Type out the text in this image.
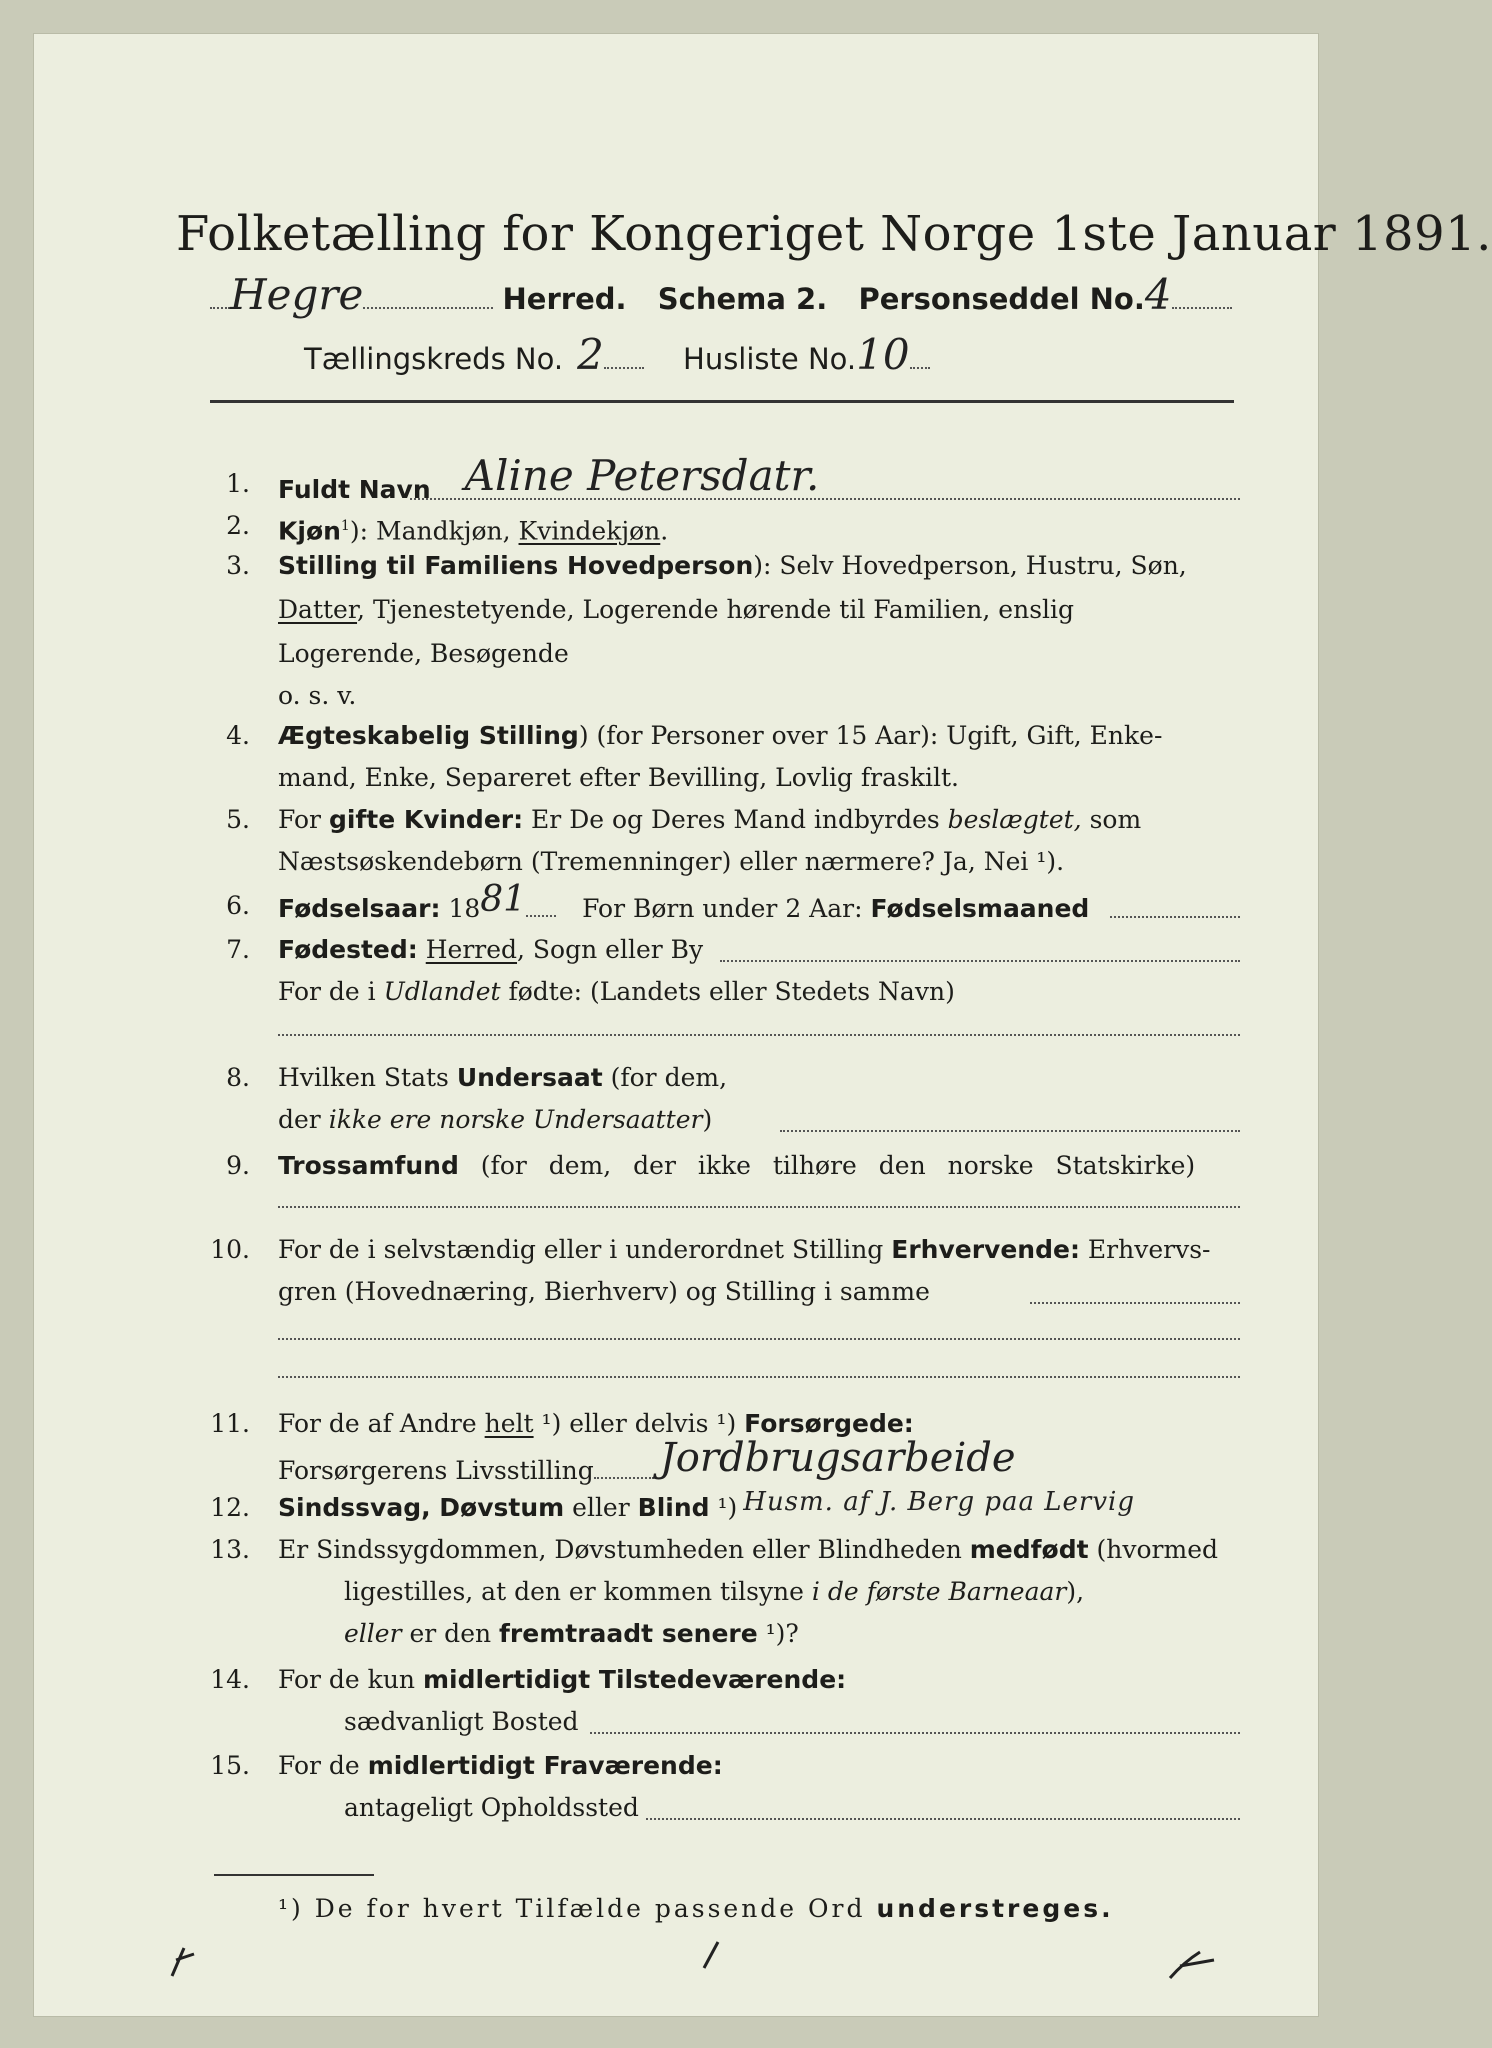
Folketælling for Kongeriget Norge 1ste Januar 1891.
Hegre	Herred. Schema 2. Personseddel No.4
Tællingskreds No. 2	Husliste No.10
1. Fuldt Navn Aline Petersdatr.
2. Kjøn$^1$): Mandkjøn, Kvindekjøn.
3. Stilling til Familiens Hovedperson): Selv Hovedperson, Hustru, Søn,
Datter, Tjenestetyende, Logerende hørende til Familien, enslig
Logerende, Besøgende
o. s. v.
4. Ægteskabelig Stilling) (for Personer over 15 Aar): Ugift, Gift, Enke-
mand, Enke, Separeret efter Bevilling, Lovlig fraskilt.
5. For gifte Kvinder: Er De og Deres Mand indbyrdes beslægtet, som
Næstsøskendebørn (Tremenninger) eller nærmere? Ja, Nei ¹).
6. Fødselsaar: 1881 For Børn under 2 Aar: Fødselsmaaned
7. Fødested: Herred, Sogn eller By
For de i Udlandet fødte: (Landets eller Stedets Navn)
8. Hvilken Stats Undersaat (for dem,
der ikke ere norske Undersaatter)
9. Trossamfund (for dem, der ikke tilhøre den norske Statskirke)
10. For de i selvstændig eller i underordnet Stilling Erhvervende: Erhvervs-
gren (Hovednæring, Bierhverv) og Stilling i samme
11. For de af Andre helt ¹) eller delvis ¹) Forsørgede:
Forsørgerens Livsstilling Jordbrugsarbeide
12. Sindssvag, Døvstum eller Blind ¹) Husm. af J. Berg paa Lervig
13. Er Sindssygdommen, Døvstumheden eller Blindheden medfødt (hvormed
ligestilles, at den er kommen tilsyne i de første Barneaar),
eller er den fremtraadt senere ¹)?
14. For de kun midlertidigt Tilstedeværende:
sædvanligt Bosted
15. For de midlertidigt Fraværende:
antageligt Opholdssted
¹) De for hvert Tilfælde passende Ord understreges.
